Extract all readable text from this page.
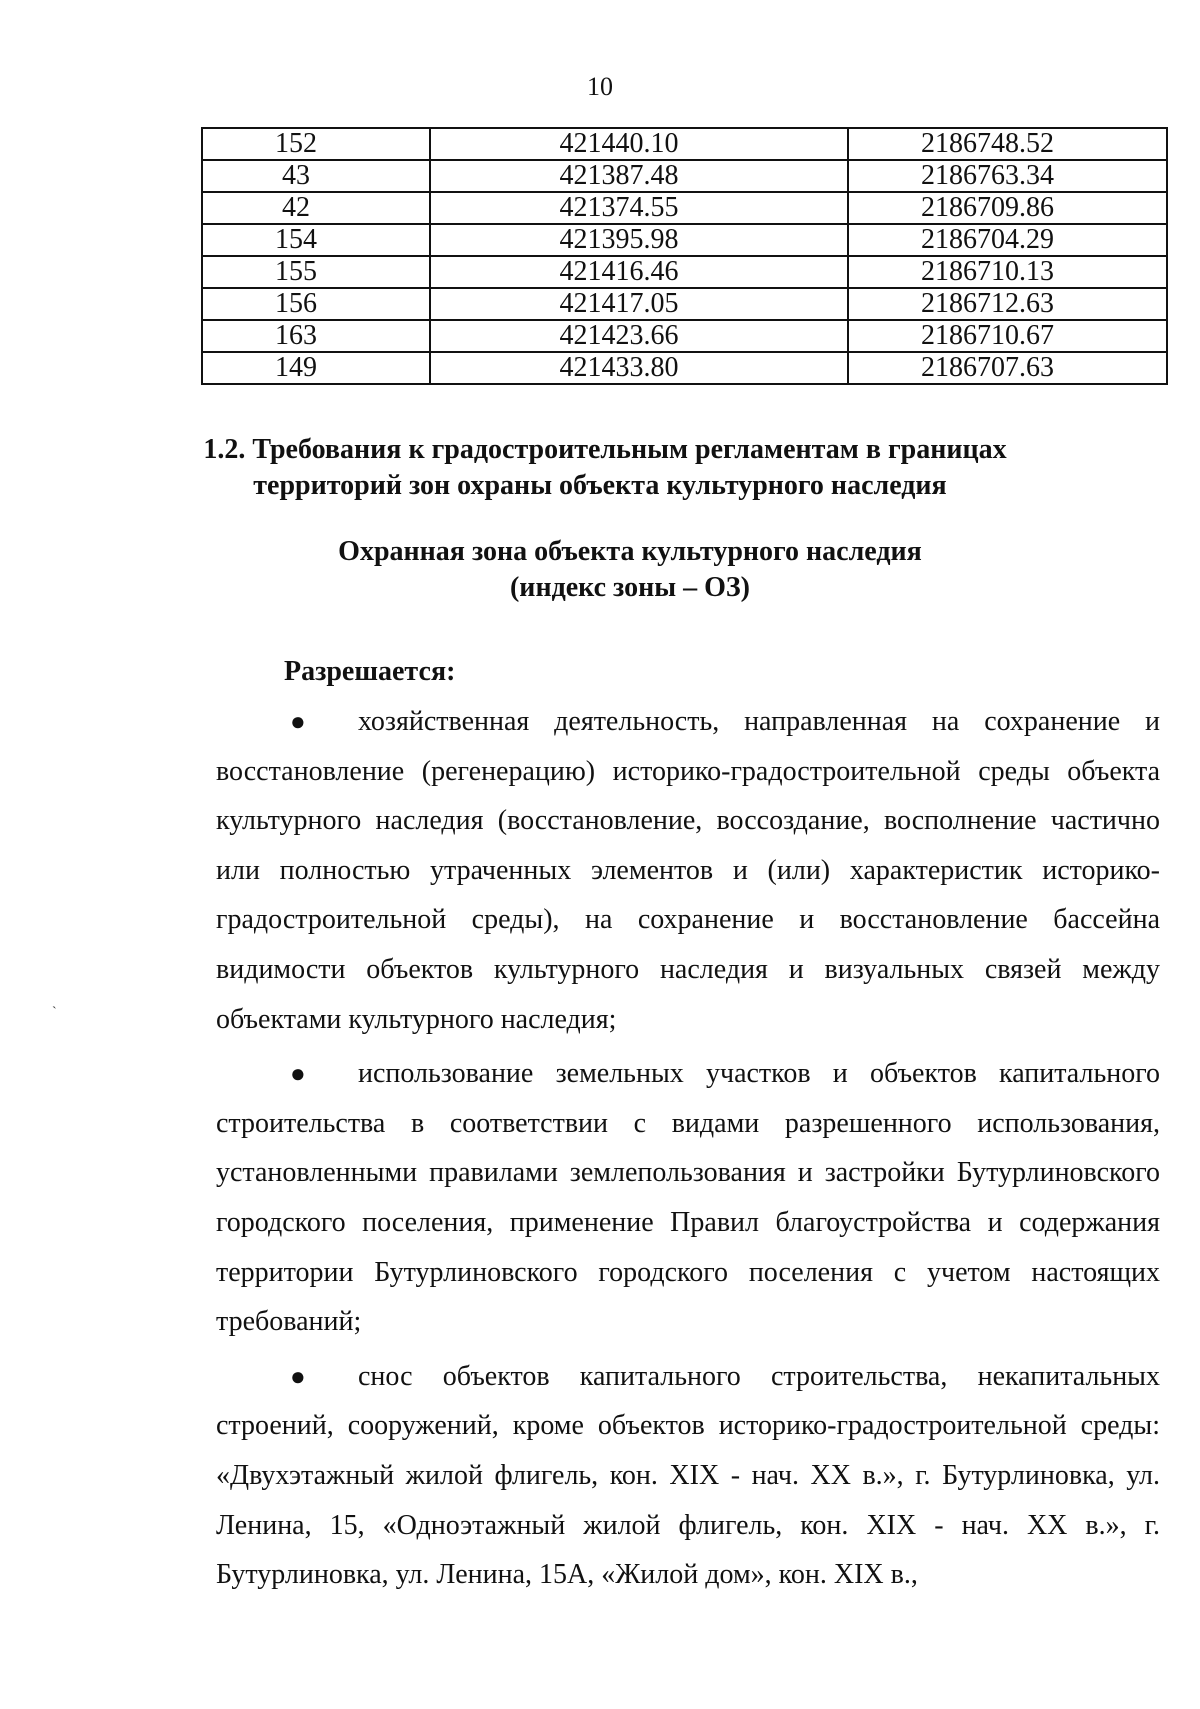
10
152	421440.10	2186748.52
43	421387.48	2186763.34
42	421374.55	2186709.86
154	421395.98	2186704.29
155	421416.46	2186710.13
156	421417.05	2186712.63
163	421423.66	2186710.67
149	421433.80	2186707.63
1.2. Требования к градостроительным регламентам в границах
территорий зон охраны объекта культурного наследия
Охранная зона объекта культурного наследия
(индекс зоны – ОЗ)
Разрешается:
`

● хозяйственная деятельность, направленная на сохранение и восстановление (регенерацию) историко-градостроительной среды объекта культурного наследия (восстановление, воссоздание, восполнение частично или полностью утраченных элементов и (или) характеристик историко-градостроительной среды), на сохранение и восстановление бассейна видимости объектов культурного наследия и визуальных связей между объектами культурного наследия;

● использование земельных участков и объектов капитального строительства в соответствии с видами разрешенного использования, установленными правилами землепользования и застройки Бутурлиновского городского поселения, применение Правил благоустройства и содержания территории Бутурлиновского городского поселения с учетом настоящих требований;

● снос объектов капитального строительства, некапитальных строений, сооружений, кроме объектов историко-градостроительной среды: «Двухэтажный жилой флигель, кон. XIX - нач. XX в.», г. Бутурлиновка, ул. Ленина, 15, «Одноэтажный жилой флигель, кон. XIX - нач. XX в.», г. Бутурлиновка, ул. Ленина, 15А, «Жилой дом», кон. XIX в.,
